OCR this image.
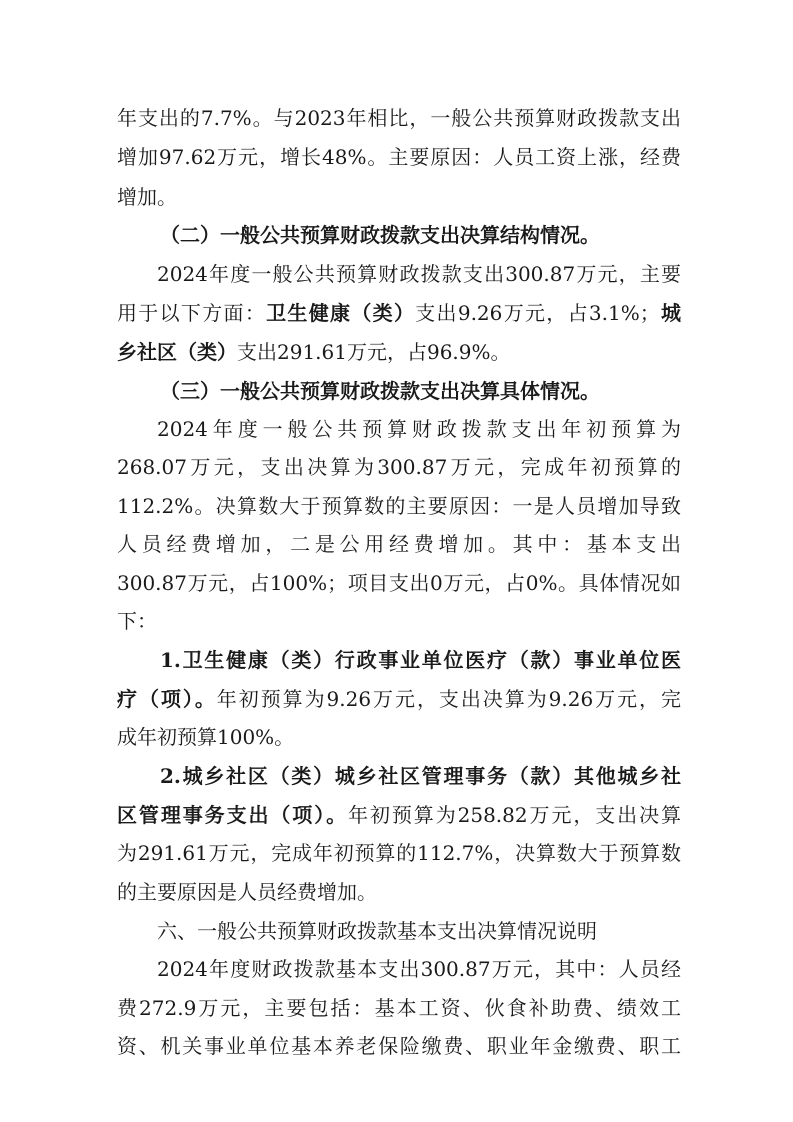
年支出的7.7%。与2023年相比，一般公共预算财政拨款支出
增加97.62万元，增长48%。主要原因：人员工资上涨，经费
增加。
（二）一般公共预算财政拨款支出决算结构情况。
2024年度一般公共预算财政拨款支出300.87万元，主要
用于以下方面：卫生健康（类）支出9.26万元，占3.1%；城
乡社区（类）支出291.61万元，占96.9%。
（三）一般公共预算财政拨款支出决算具体情况。
2024年度一般公共预算财政拨款支出年初预算为
268.07万元，支出决算为300.87万元，完成年初预算的
112.2%。决算数大于预算数的主要原因：一是人员增加导致
人员经费增加，二是公用经费增加。其中：基本支出
300.87万元，占100%；项目支出0万元，占0%。具体情况如
下：
1.卫生健康（类）行政事业单位医疗（款）事业单位医
疗（项）。年初预算为9.26万元，支出决算为9.26万元，完
成年初预算100%。
2.城乡社区（类）城乡社区管理事务（款）其他城乡社
区管理事务支出（项）。年初预算为258.82万元，支出决算
为291.61万元，完成年初预算的112.7%，决算数大于预算数
的主要原因是人员经费增加。
六、一般公共预算财政拨款基本支出决算情况说明
2024年度财政拨款基本支出300.87万元，其中：人员经
费272.9万元，主要包括：基本工资、伙食补助费、绩效工
资、机关事业单位基本养老保险缴费、职业年金缴费、职工
